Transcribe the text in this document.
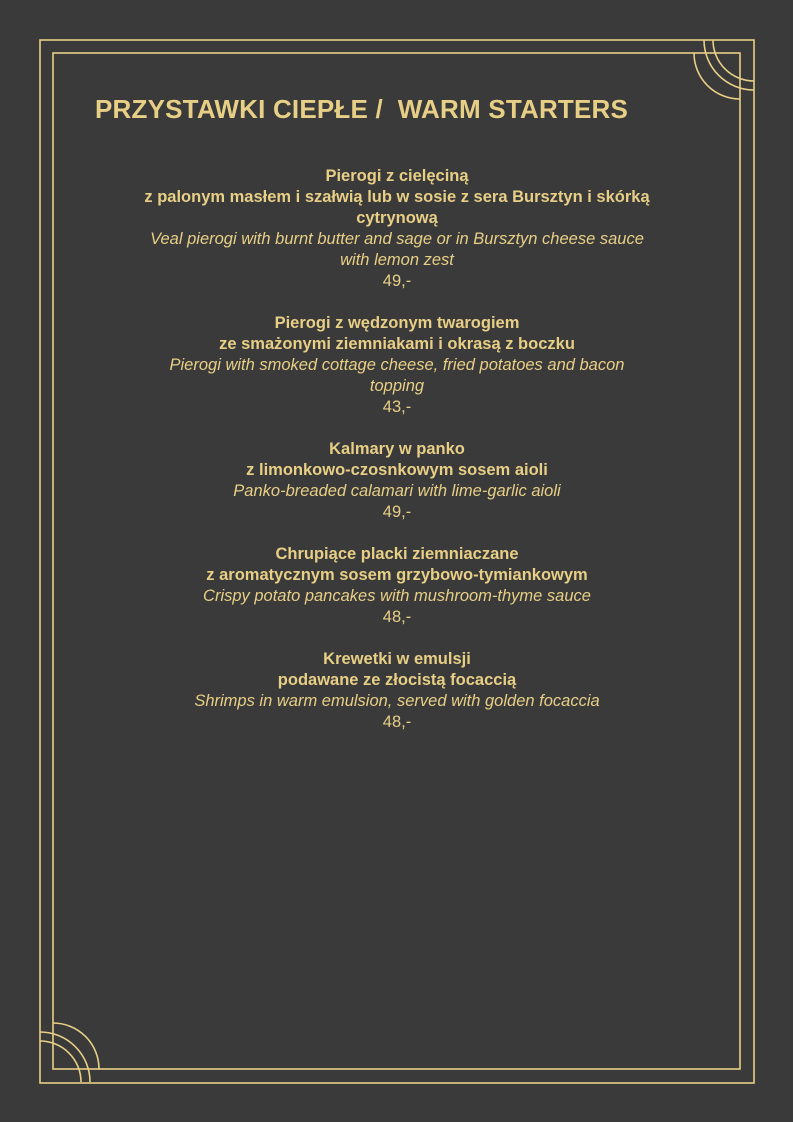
PRZYSTAWKI CIEPŁE /  WARM STARTERS
Pierogi z cielęciną
z palonym masłem i szałwią lub w sosie z sera Bursztyn i skórką
cytrynową
Veal pierogi with burnt butter and sage or in Bursztyn cheese sauce
with lemon zest
49,-
Pierogi z wędzonym twarogiem
ze smażonymi ziemniakami i okrasą z boczku
Pierogi with smoked cottage cheese, fried potatoes and bacon
topping
43,-
Kalmary w panko
z limonkowo-czosnkowym sosem aioli
Panko-breaded calamari with lime-garlic aioli
49,-
Chrupiące placki ziemniaczane
z aromatycznym sosem grzybowo-tymiankowym
Crispy potato pancakes with mushroom-thyme sauce
48,-
Krewetki w emulsji
podawane ze złocistą focaccią
Shrimps in warm emulsion, served with golden focaccia
48,-
